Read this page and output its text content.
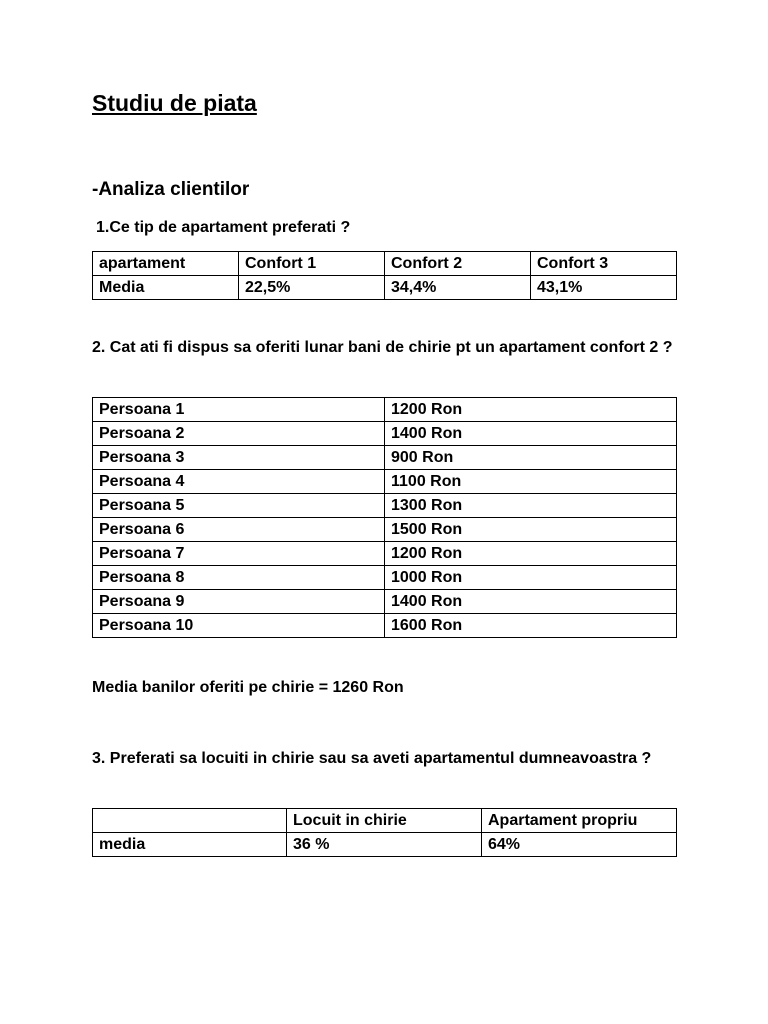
Studiu de piata
-Analiza clientilor

1.Ce tip de apartament preferati ?

apartament	Confort 1	Confort 2	Confort 3
Media	22,5%	34,4%	43,1%

2. Cat ati fi dispus sa oferiti lunar bani de chirie pt un apartament confort 2 ?

Persoana 1	1200 Ron
Persoana 2	1400 Ron
Persoana 3	900 Ron
Persoana 4	1100 Ron
Persoana 5	1300 Ron
Persoana 6	1500 Ron
Persoana 7	1200 Ron
Persoana 8	1000 Ron
Persoana 9	1400 Ron
Persoana 10	1600 Ron

Media banilor oferiti pe chirie = 1260 Ron

3. Preferati sa locuiti in chirie sau sa aveti apartamentul dumneavoastra ?

	Locuit in chirie	Apartament propriu
media	36 %	64%
